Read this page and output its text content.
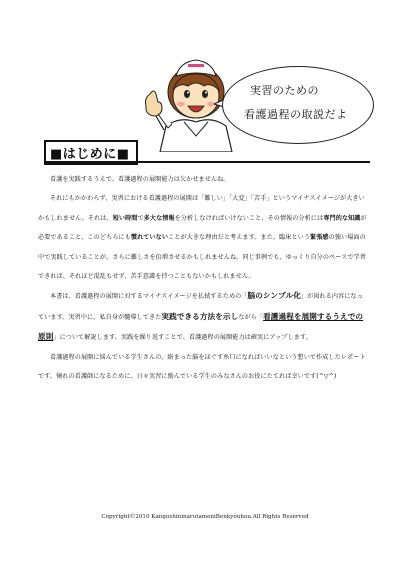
実習のための
看護過程の取説だよ
■はじめに■

看護を実践するうえで、看護過程の展開能力は欠かせませんね。

それにもかかわらず、実習における看護過程の展開は「難しい」「大変」「苦手」というマイナスイメージが大きいかもしれません。それは、短い時間で多大な情報を分析しなければいけないこと、その情報の分析には専門的な知識が必要であること、このどちらにも慣れていないことが大きな理由だと考えます。また、臨床という緊張感の強い場面の中で実践していることが、さらに難しさを倍増させるかもしれませんね。同じ事例でも、ゆっくり自分のペースで学習できれば、それほど混乱もせず、苦手意識を持つこともないかもしれません。

本書は、看護過程の展開に対するマイナスイメージを払拭するための「脳のシンプル化」が図れる内容になっています。実習中に、私自身が髄導してきた実践できる方法を示しながら「看護過程を展開するうえでの原則」について解説します。実践を繰り返すことで、看護過程の展開能力は確実にアップします。

看護過程の展開に悩んでいる学生さんの、絡まった脳をほぐす糸口になればいいなという想いで作成したレポートです。憧れの看護師になるために、日々実習に励んでいる学生のみなさんのお役にたてれば幸いです(^▽^)

Copyright©2010 KangoshininarutameniBenkyouhou.All Rights Reserved
